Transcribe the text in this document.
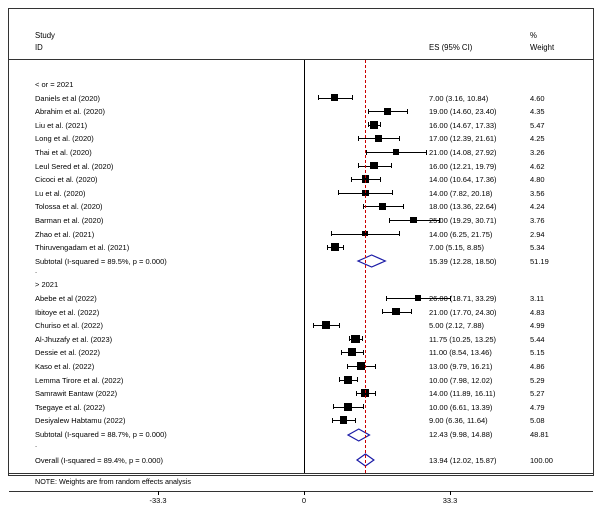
Study
ID	ES (95% CI)
%
Weight
< or = 2021
Daniels et al (2020)	7.00 (3.16, 10.84)	4.60
Abrahim et al. (2020)	19.00 (14.60, 23.40)	4.35
Liu et al. (2021)	16.00 (14.67, 17.33)	5.47
Long et al. (2020)	17.00 (12.39, 21.61)	4.25
Thai et al. (2020)	21.00 (14.08, 27.92)	3.26
Leul Sered et al. (2020)	16.00 (12.21, 19.79)	4.62
Cicoci et al. (2020)	14.00 (10.64, 17.36)	4.80
Lu et al. (2020)	14.00 (7.82, 20.18)	3.56
Tolossa et al. (2020)	18.00 (13.36, 22.64)	4.24
Barman et al. (2020)	25.00 (19.29, 30.71)	3.76
Zhao et al. (2021)	14.00 (6.25, 21.75)	2.94
Thiruvengadam et al. (2021)	7.00 (5.15, 8.85)	5.34
Subtotal (I-squared = 89.5%, p = 0.000)	15.39 (12.28, 18.50)	51.19
.
> 2021
Abebe et al (2022)	26.00 (18.71, 33.29)	3.11
Ibitoye et al. (2022)	21.00 (17.70, 24.30)	4.83
Churiso et al. (2022)	5.00 (2.12, 7.88)	4.99
Al-Jhuzafy et al. (2023)	11.75 (10.25, 13.25)	5.44
Dessie et al. (2022)	11.00 (8.54, 13.46)	5.15
Kaso et al. (2022)	13.00 (9.79, 16.21)	4.86
Lemma Tirore et al. (2022)	10.00 (7.98, 12.02)	5.29
Samrawit Eantaw (2022)	14.00 (11.89, 16.11)	5.27
Tsegaye et al. (2022)	10.00 (6.61, 13.39)	4.79
Desiyalew Habtamu (2022)	9.00 (6.36, 11.64)	5.08
Subtotal (I-squared = 88.7%, p = 0.000)	12.43 (9.98, 14.88)	48.81
.
Overall (I-squared = 89.4%, p = 0.000)	13.94 (12.02, 15.87)	100.00
NOTE: Weights are from random effects analysis
-33.3	0	33.3
